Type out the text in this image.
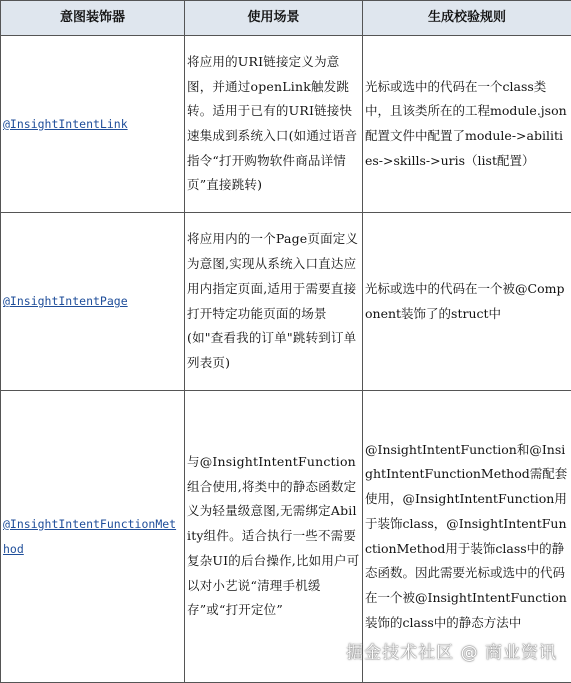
意图装饰器	使用场景	生成校验规则
@InsightIntentLink	将应用的URI链接定义为意图，并通过openLink触发跳转。适用于已有的URI链接快速集成到系统入口(如通过语音指令“打开购物软件商品详情页”直接跳转)	光标或选中的代码在一个class类中，且该类所在的工程module.json配置文件中配置了module->abilities->skills->uris（list配置）
@InsightIntentPage	将应用内的一个Page页面定义为意图,实现从系统入口直达应用内指定页面,适用于需要直接打开特定功能页面的场景(如"查看我的订单"跳转到订单列表页)	光标或选中的代码在一个被@Component装饰了的struct中
@InsightIntentFunctionMethod	与@InsightIntentFunction组合使用,将类中的静态函数定义为轻量级意图,无需绑定Ability组件。适合执行一些不需要复杂UI的后台操作,比如用户可以对小艺说“清理手机缓存”或“打开定位”	@InsightIntentFunction和@InsightIntentFunctionMethod需配套使用，@InsightIntentFunction用于装饰class，@InsightIntentFunctionMethod用于装饰class中的静态函数。因此需要光标或选中的代码在一个被@InsightIntentFunction装饰的class中的静态方法中
掘金技术社区 @ 商业资讯
